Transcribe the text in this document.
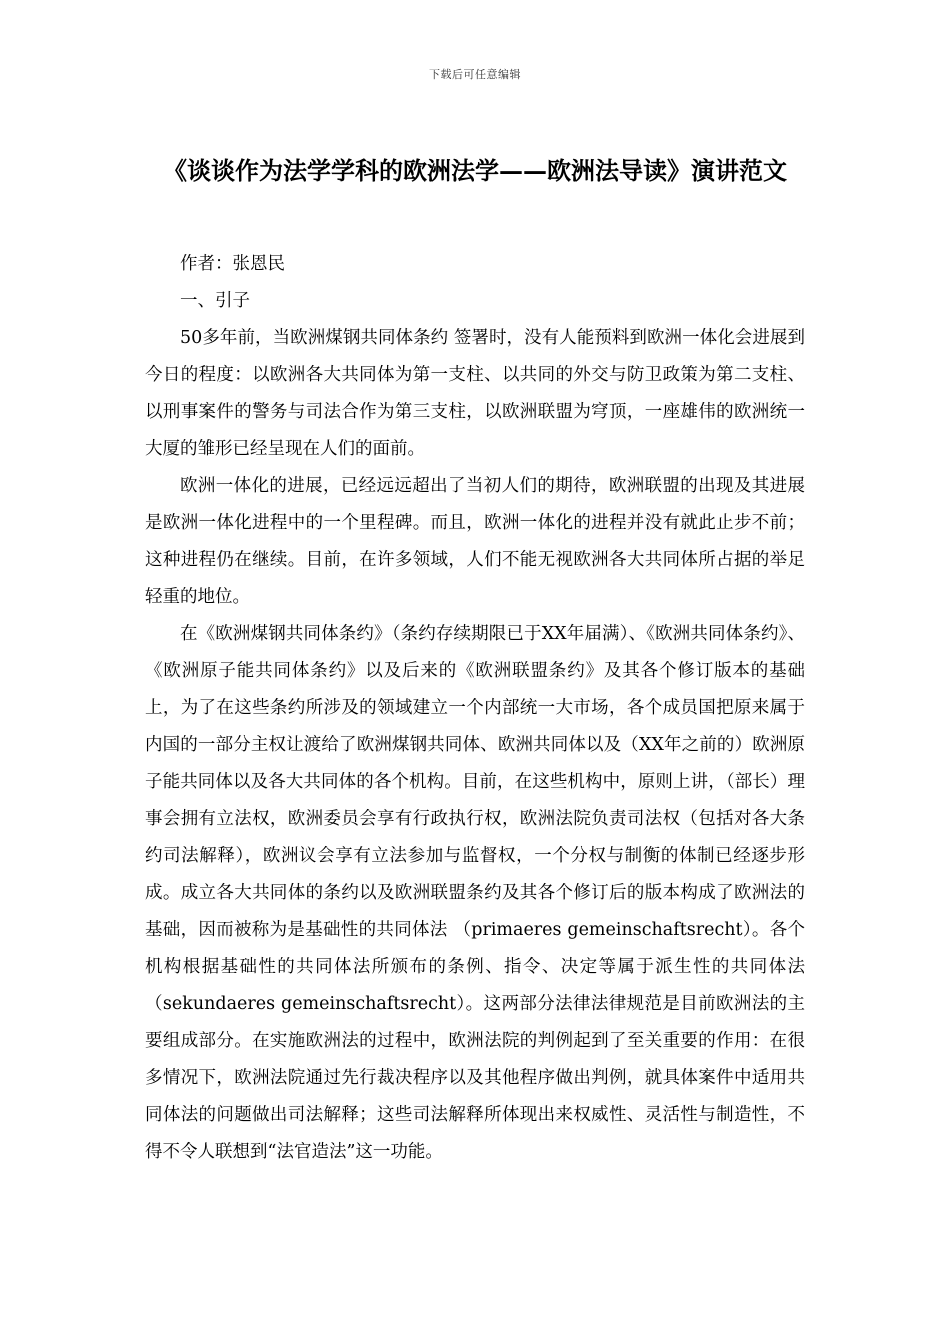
下载后可任意编辑
《谈谈作为法学学科的欧洲法学——欧洲法导读》演讲范文

作者：张恩民

一、引子

50多年前，当欧洲煤钢共同体条约 签署时，没有人能预料到欧洲一体化会进展到今日的程度：以欧洲各大共同体为第一支柱、以共同的外交与防卫政策为第二支柱、以刑事案件的警务与司法合作为第三支柱，以欧洲联盟为穹顶，一座雄伟的欧洲统一大厦的雏形已经呈现在人们的面前。

欧洲一体化的进展，已经远远超出了当初人们的期待，欧洲联盟的出现及其进展是欧洲一体化进程中的一个里程碑。而且，欧洲一体化的进程并没有就此止步不前；这种进程仍在继续。目前，在许多领域，人们不能无视欧洲各大共同体所占据的举足轻重的地位。

在《欧洲煤钢共同体条约》（条约存续期限已于XX年届满）、《欧洲共同体条约》、《欧洲原子能共同体条约》以及后来的《欧洲联盟条约》及其各个修订版本的基础上，为了在这些条约所涉及的领域建立一个内部统一大市场，各个成员国把原来属于内国的一部分主权让渡给了欧洲煤钢共同体、欧洲共同体以及（XX年之前的）欧洲原子能共同体以及各大共同体的各个机构。目前，在这些机构中，原则上讲，（部长）理事会拥有立法权，欧洲委员会享有行政执行权，欧洲法院负责司法权（包括对各大条约司法解释），欧洲议会享有立法参加与监督权，一个分权与制衡的体制已经逐步形成。成立各大共同体的条约以及欧洲联盟条约及其各个修订后的版本构成了欧洲法的基础，因而被称为是基础性的共同体法 （primaeres gemeinschaftsrecht）。各个机构根据基础性的共同体法所颁布的条例、指令、决定等属于派生性的共同体法（sekundaeres gemeinschaftsrecht）。这两部分法律法律规范是目前欧洲法的主要组成部分。在实施欧洲法的过程中，欧洲法院的判例起到了至关重要的作用：在很多情况下，欧洲法院通过先行裁决程序以及其他程序做出判例，就具体案件中适用共同体法的问题做出司法解释；这些司法解释所体现出来权威性、灵活性与制造性，不得不令人联想到“法官造法”这一功能。
